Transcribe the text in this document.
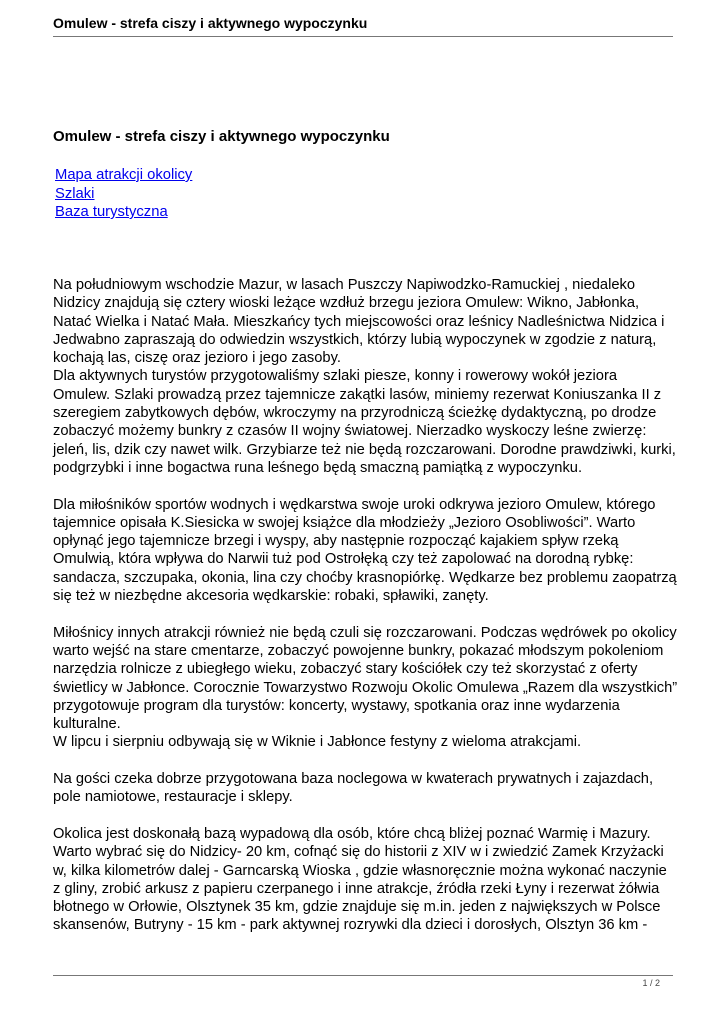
Omulew - strefa ciszy i aktywnego wypoczynku
Omulew - strefa ciszy i aktywnego wypoczynku
Mapa atrakcji okolicy
Szlaki
Baza turystyczna

Na południowym wschodzie Mazur, w lasach Puszczy Napiwodzko-Ramuckiej , niedaleko Nidzicy znajdują się cztery wioski leżące wzdłuż brzegu jeziora Omulew: Wikno, Jabłonka, Natać Wielka i Natać Mała. Mieszkańcy tych miejscowości oraz leśnicy Nadleśnictwa Nidzica i Jedwabno zapraszają do odwiedzin wszystkich, którzy lubią wypoczynek w zgodzie z naturą, kochają las, ciszę oraz jezioro i jego zasoby.

Dla aktywnych turystów przygotowaliśmy szlaki piesze, konny i rowerowy wokół jeziora Omulew. Szlaki prowadzą przez tajemnicze zakątki lasów, miniemy rezerwat Koniuszanka II z szeregiem zabytkowych dębów, wkroczymy na przyrodniczą ścieżkę dydaktyczną, po drodze zobaczyć możemy bunkry z czasów II wojny światowej. Nierzadko wyskoczy leśne zwierzę: jeleń, lis, dzik czy nawet wilk. Grzybiarze też nie będą rozczarowani. Dorodne prawdziwki, kurki, podgrzybki i inne bogactwa runa leśnego będą smaczną pamiątką z wypoczynku.

Dla miłośników sportów wodnych i wędkarstwa swoje uroki odkrywa jezioro Omulew, którego tajemnice opisała K.Siesicka w swojej książce dla młodzieży „Jezioro Osobliwości”. Warto opłynąć jego tajemnicze brzegi i wyspy, aby następnie rozpocząć kajakiem spływ rzeką Omulwią, która wpływa do Narwii tuż pod Ostrołęką czy też zapolować na dorodną rybkę: sandacza, szczupaka, okonia, lina czy choćby krasnopiórkę. Wędkarze bez problemu zaopatrzą się też w niezbędne akcesoria wędkarskie: robaki, spławiki, zanęty.

Miłośnicy innych atrakcji również nie będą czuli się rozczarowani. Podczas wędrówek po okolicy warto wejść na stare cmentarze, zobaczyć powojenne bunkry, pokazać młodszym pokoleniom narzędzia rolnicze z ubiegłego wieku, zobaczyć stary kościółek czy też skorzystać z oferty świetlicy w Jabłonce. Corocznie Towarzystwo Rozwoju Okolic Omulewa „Razem dla wszystkich” przygotowuje program dla turystów: koncerty, wystawy, spotkania oraz inne wydarzenia kulturalne.

W lipcu i sierpniu odbywają się w Wiknie i Jabłonce festyny z wieloma atrakcjami.

Na gości czeka dobrze przygotowana baza noclegowa w kwaterach prywatnych i zajazdach, pole namiotowe, restauracje i sklepy.

Okolica jest doskonałą bazą wypadową dla osób, które chcą bliżej poznać Warmię i Mazury. Warto wybrać się do Nidzicy- 20 km, cofnąć się do historii z XIV w i zwiedzić Zamek Krzyżacki w, kilka kilometrów dalej - Garncarską Wioska , gdzie własnoręcznie można wykonać naczynie z gliny, zrobić arkusz z papieru czerpanego i inne atrakcje, źródła rzeki Łyny i rezerwat żółwia błotnego w Orłowie, Olsztynek 35 km, gdzie znajduje się m.in. jeden z największych w Polsce skansenów, Butryny - 15 km - park aktywnej rozrywki dla dzieci i dorosłych, Olsztyn 36 km -

1 / 2
